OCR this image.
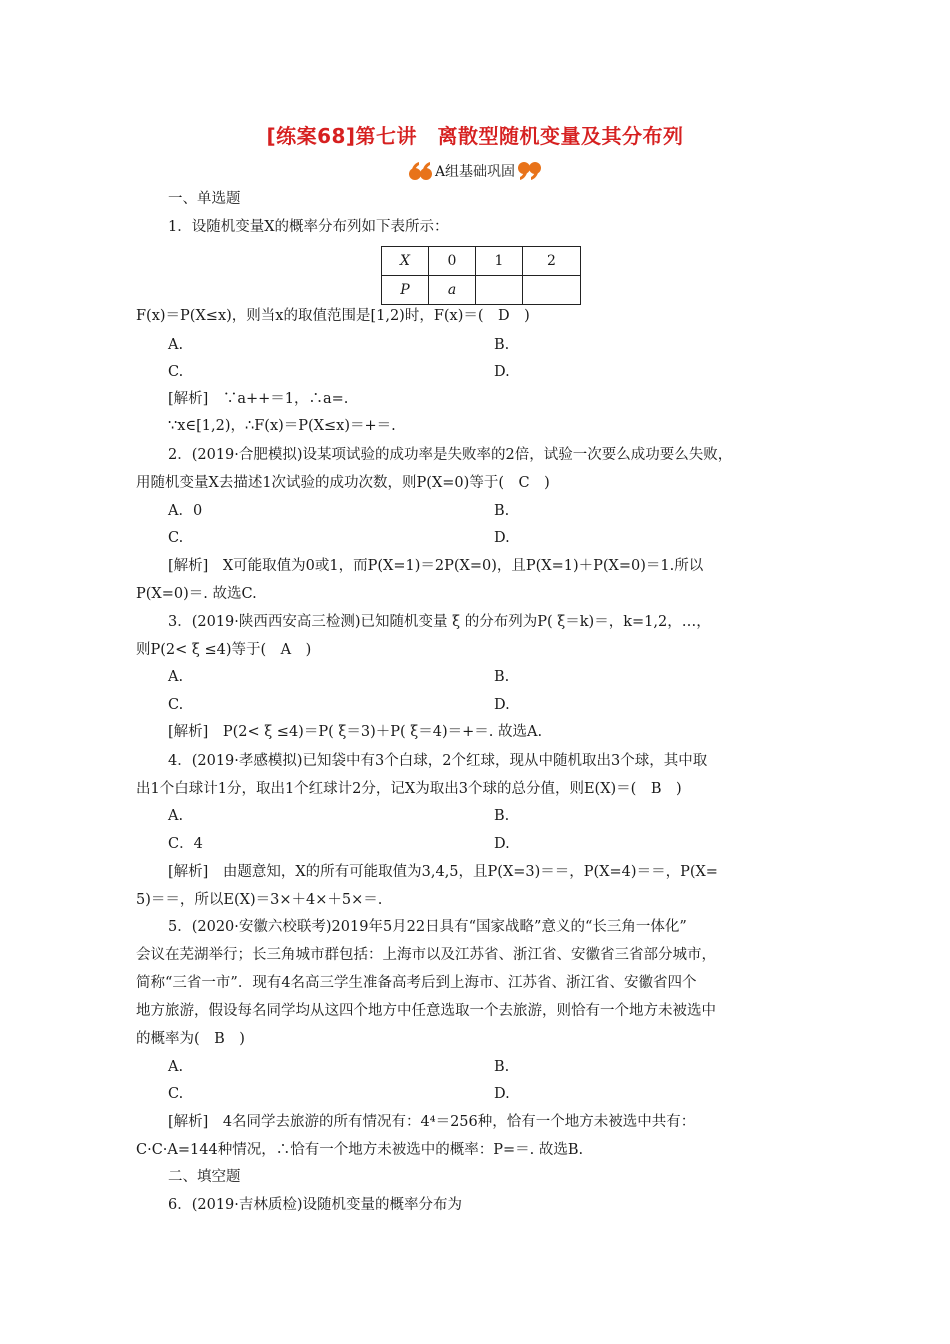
[练案68]第七讲　离散型随机变量及其分布列
A组基础巩固
一、单选题
1．设随机变量X的概率分布列如下表所示：
X	0	1	2
P	a		
F(x)＝P(X≤x)，则当x的取值范围是[1,2)时，F(x)＝(　D　)
A.	B.
C.	D.
[解析]　∵a++＝1，∴a=.
∵x∈[1,2)，∴F(x)＝P(X≤x)＝+＝.
2．(2019·合肥模拟)设某项试验的成功率是失败率的2倍，试验一次要么成功要么失败，
用随机变量X去描述1次试验的成功次数，则P(X=0)等于(　C　)
A．0	B.
C.	D.
[解析]　X可能取值为0或1，而P(X=1)＝2P(X=0)，且P(X=1)＋P(X=0)＝1.所以
P(X=0)＝. 故选C.
3．(2019·陕西西安高三检测)已知随机变量 ξ 的分布列为P( ξ＝k)＝，k=1,2，…，
则P(2< ξ ≤4)等于(　A　)
A.	B.
C.	D.
[解析]　P(2< ξ ≤4)＝P( ξ＝3)＋P( ξ＝4)＝+＝. 故选A.
4．(2019·孝感模拟)已知袋中有3个白球，2个红球，现从中随机取出3个球，其中取
出1个白球计1分，取出1个红球计2分，记X为取出3个球的总分值，则E(X)＝(　B　)
A.	B.
C．4	D.
[解析]　由题意知，X的所有可能取值为3,4,5，且P(X=3)＝＝，P(X=4)＝＝，P(X=
5)＝＝，所以E(X)＝3×＋4×＋5×＝.
5．(2020·安徽六校联考)2019年5月22日具有“国家战略”意义的“长三角一体化”
会议在芜湖举行；长三角城市群包括：上海市以及江苏省、浙江省、安徽省三省部分城市，
简称“三省一市”．现有4名高三学生准备高考后到上海市、江苏省、浙江省、安徽省四个
地方旅游，假设每名同学均从这四个地方中任意选取一个去旅游，则恰有一个地方未被选中
的概率为(　B　)
A.	B.
C.	D.
[解析]　4名同学去旅游的所有情况有：4⁴＝256种，恰有一个地方未被选中共有：
C·C·A=144种情况，∴恰有一个地方未被选中的概率：P=＝. 故选B.
二、填空题
6．(2019·吉林质检)设随机变量的概率分布为
